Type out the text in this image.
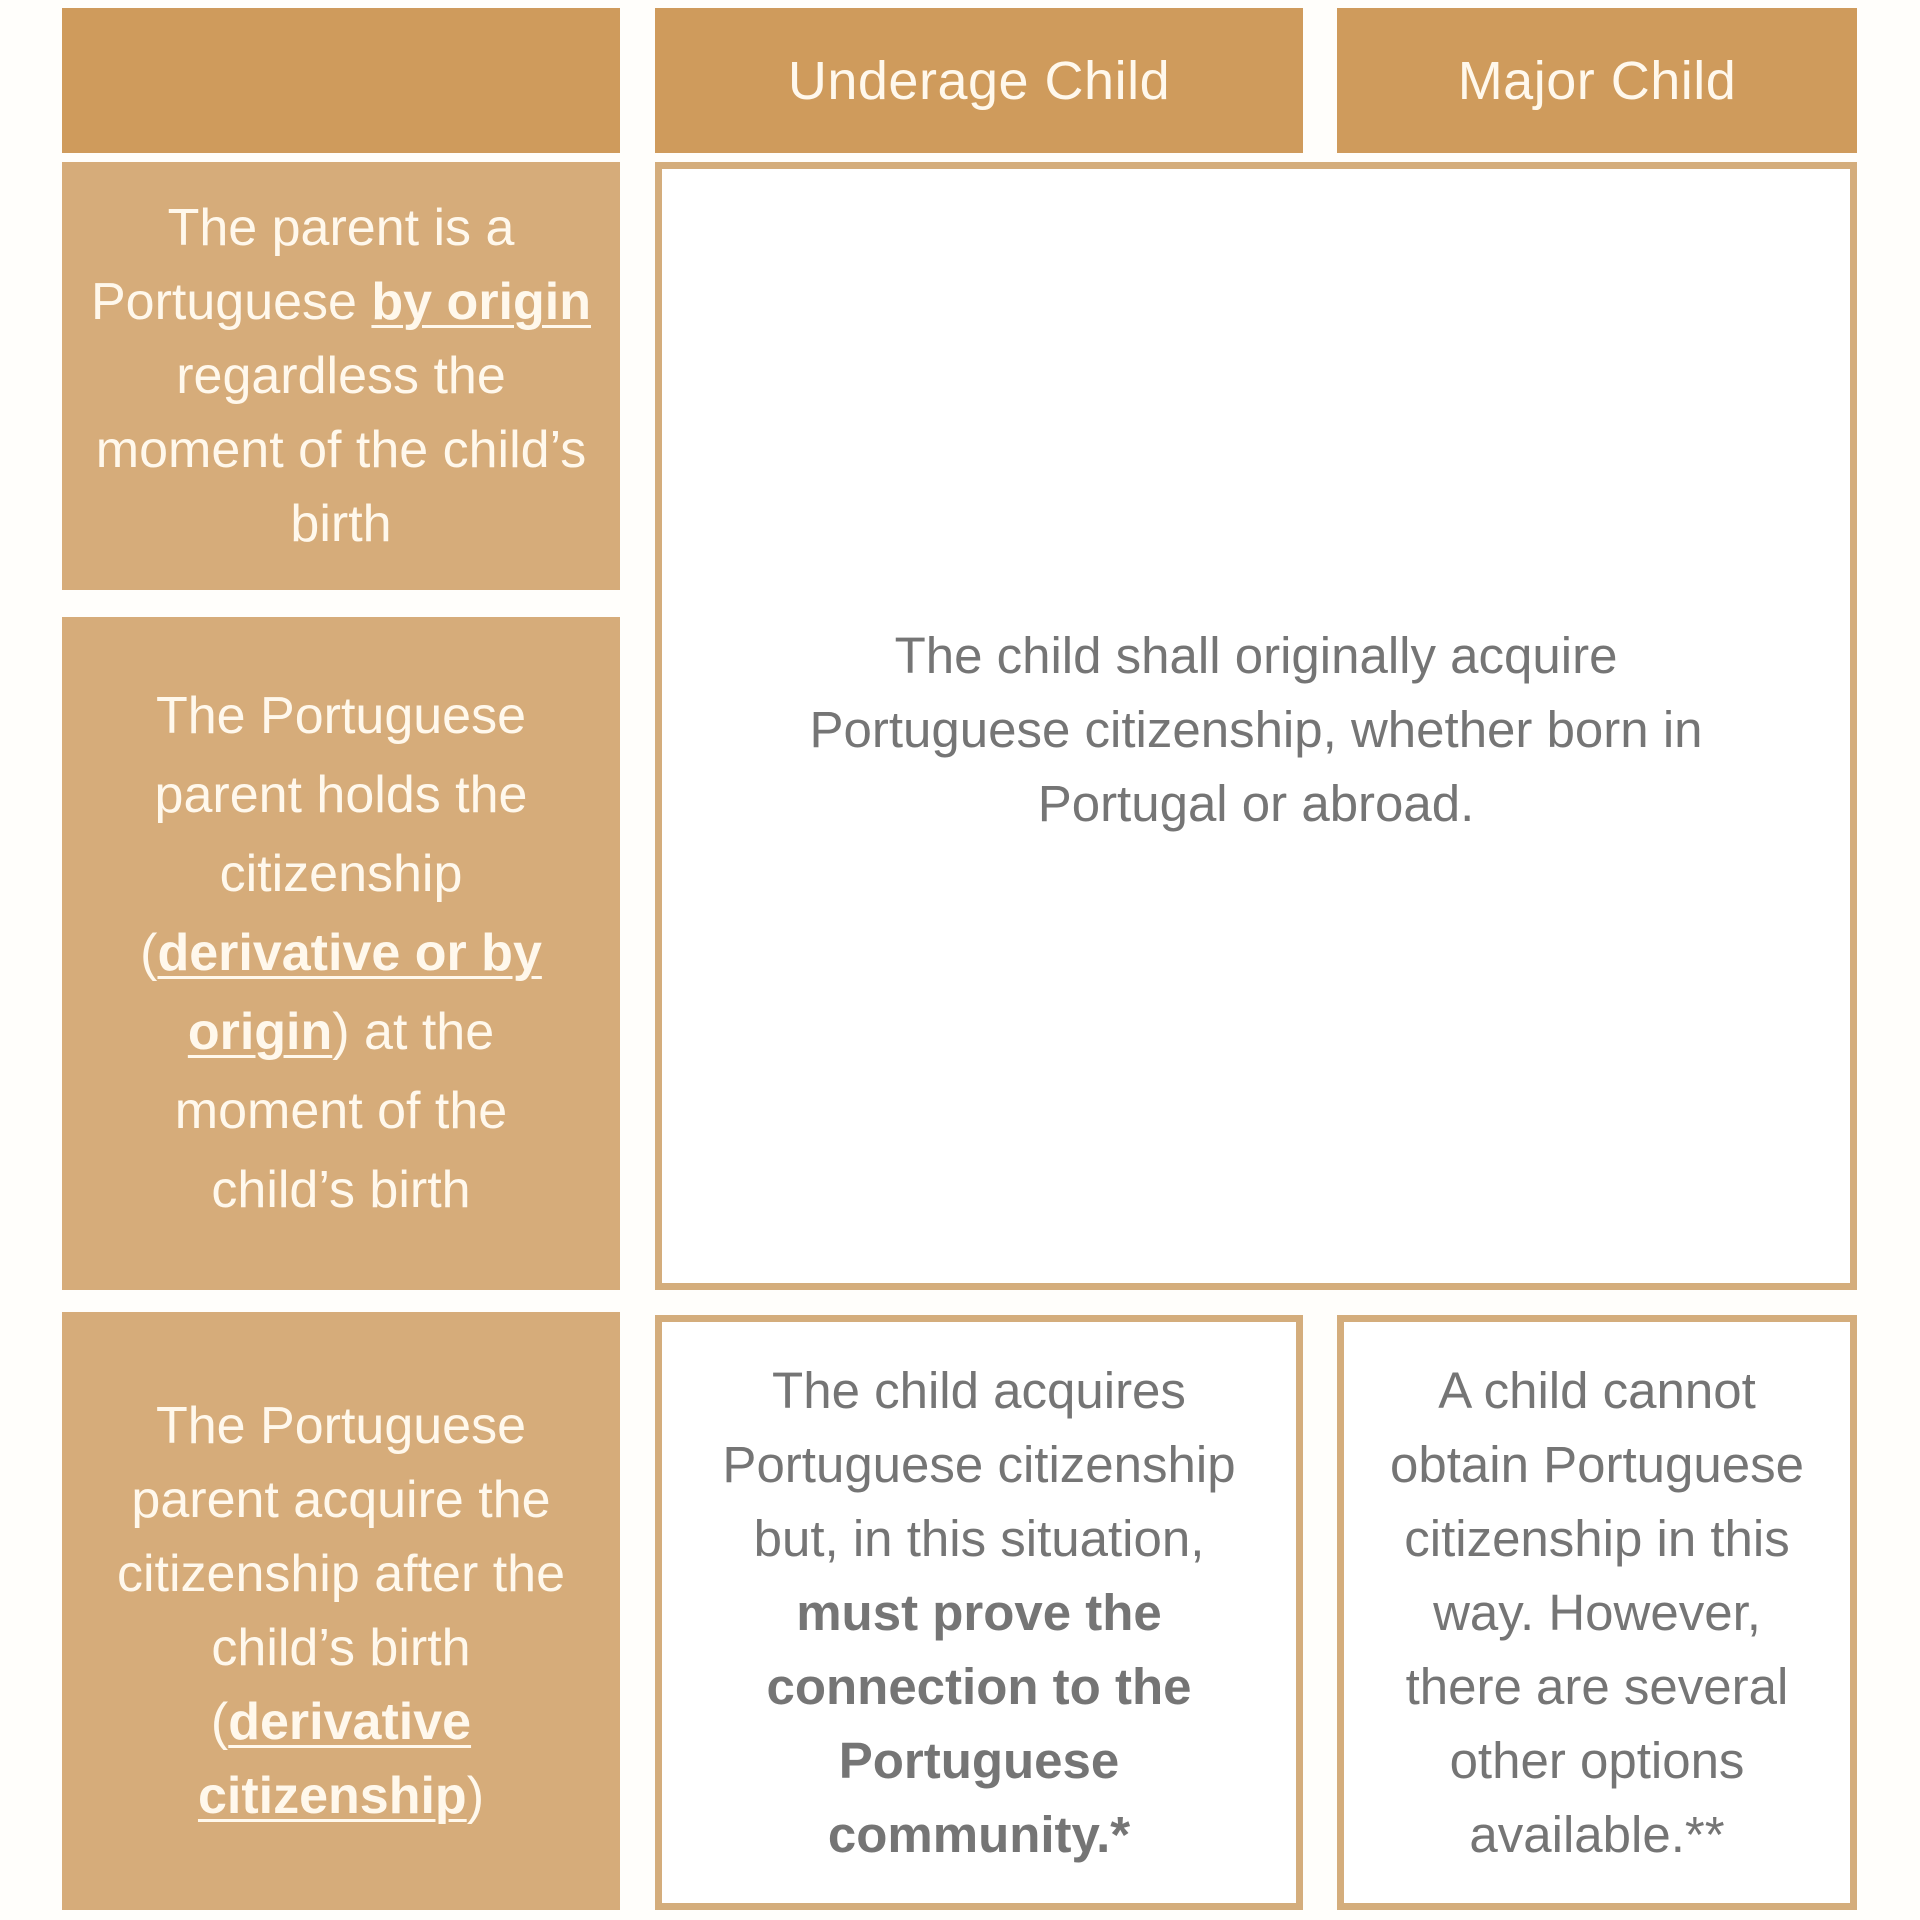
Underage Child	Major Child
The parent is a Portuguese by origin regardless the moment of the child’s birth
The Portuguese parent holds the citizenship (derivative or by origin) at the moment of the child’s birth
The Portuguese parent acquire the citizenship after the child’s birth (derivative citizenship)
The child shall originally acquire Portuguese citizenship, whether born in Portugal or abroad.
The child acquires Portuguese citizenship but, in this situation, must prove the connection to the Portuguese community.*
A child cannot obtain Portuguese citizenship in this way. However, there are several other options available.**
